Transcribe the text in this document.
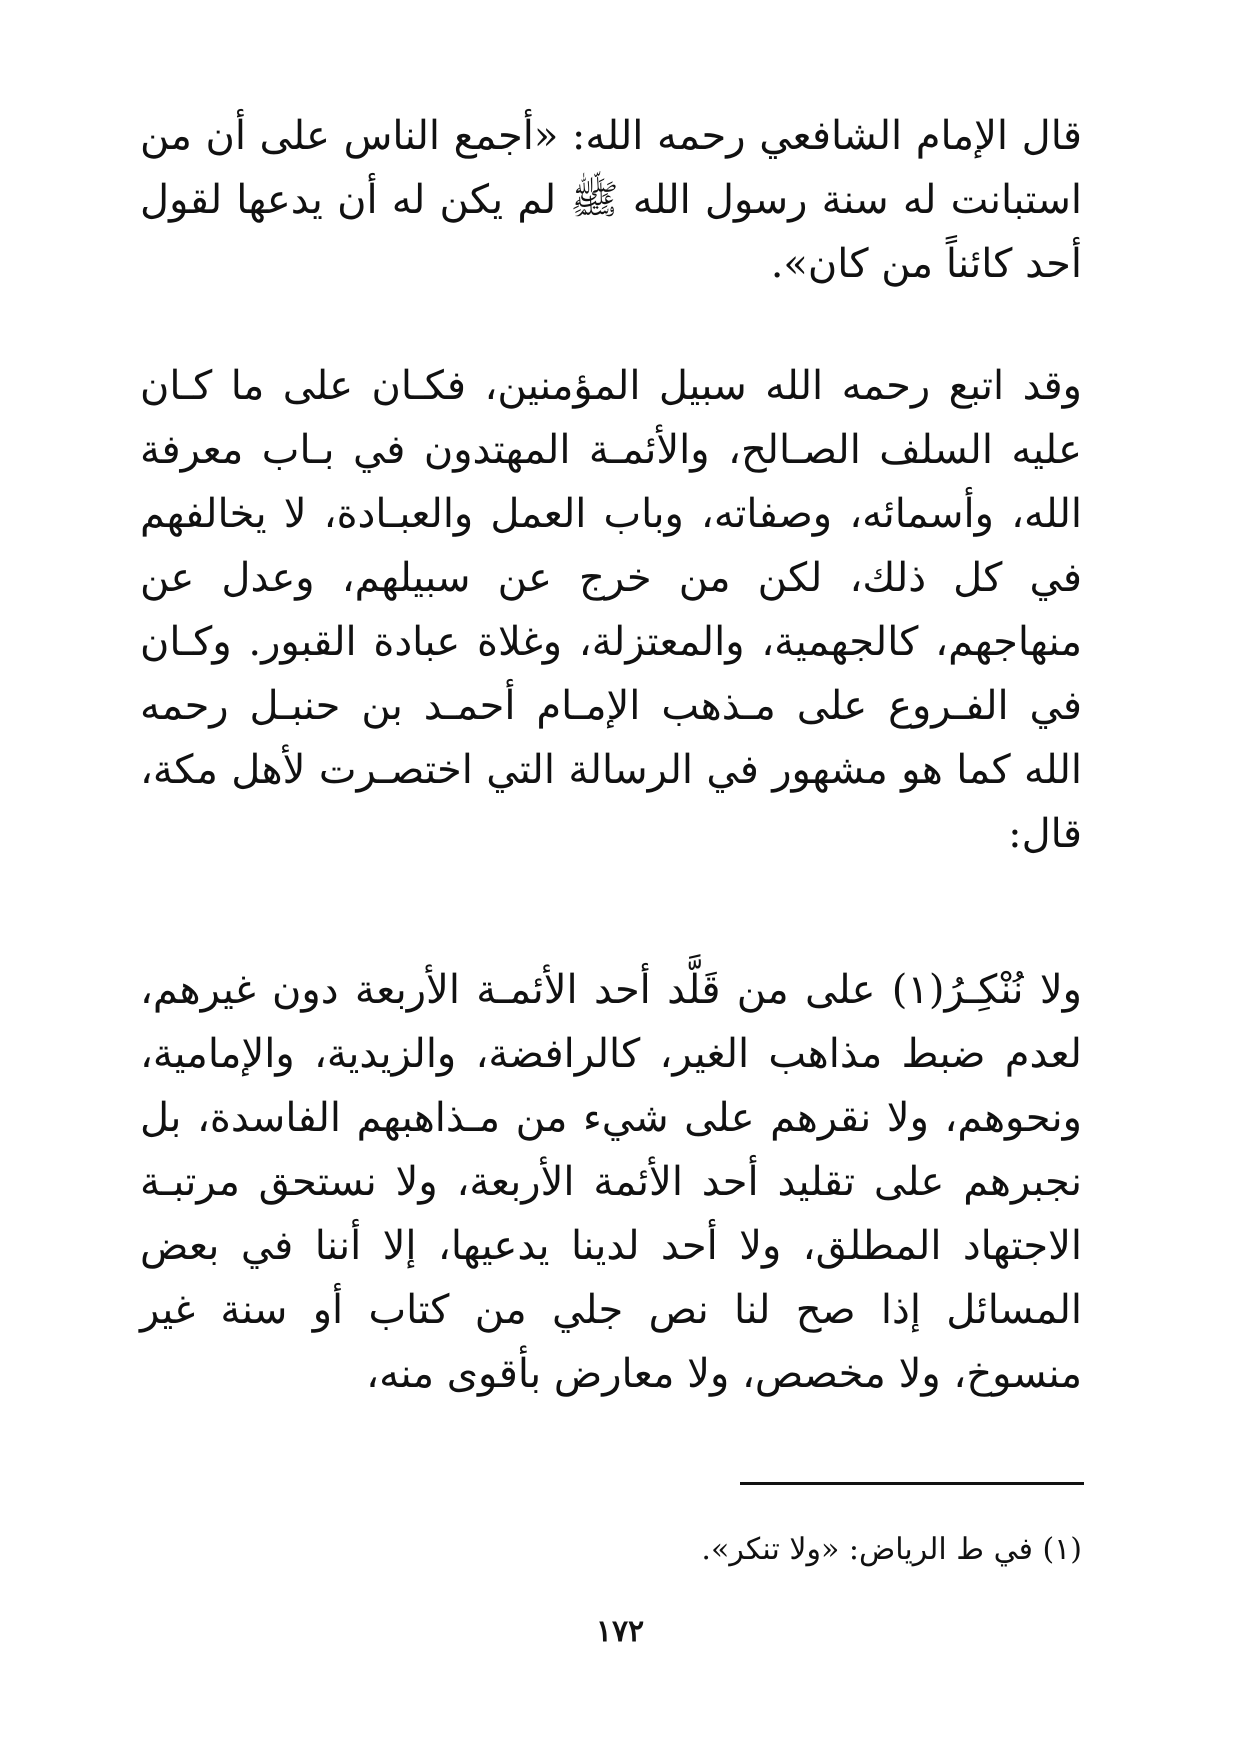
قال الإمام الشافعي رحمه الله: «أجمع الناس على أن من استبانت له سنة رسول الله ﷺ لم يكن له أن يدعها لقول أحد كائناً من كان».

وقد اتبع رحمه الله سبيل المؤمنين، فكـان على ما كـان عليه السلف الصـالح، والأئمـة المهتدون في بـاب معرفة الله، وأسمائه، وصفاته، وباب العمل والعبـادة، لا يخالفهم في كل ذلك، لكن من خرج عن سبيلهم، وعدل عن منهاجهم، كالجهمية، والمعتزلة، وغلاة عبادة القبور. وكـان في الفـروع على مـذهب الإمـام أحمـد بن حنبـل رحمه الله كما هو مشهور في الرسالة التي اختصـرت لأهل مكة، قال:

ولا نُنْكِـرُ(١) على من قَلَّد أحد الأئمـة الأربعة دون غيرهم، لعدم ضبط مذاهب الغير، كالرافضة، والزيدية، والإمامية، ونحوهم، ولا نقرهم على شيء من مـذاهبهم الفاسدة، بل نجبرهم على تقليد أحد الأئمة الأربعة، ولا نستحق مرتبـة الاجتهاد المطلق، ولا أحد لدينا يدعيها، إلا أننا في بعض المسائل إذا صح لنا نص جلي من كتاب أو سنة غير منسوخ، ولا مخصص، ولا معارض بأقوى منه،

(١) في ط الرياض: «ولا تنكر».
١٧٢
